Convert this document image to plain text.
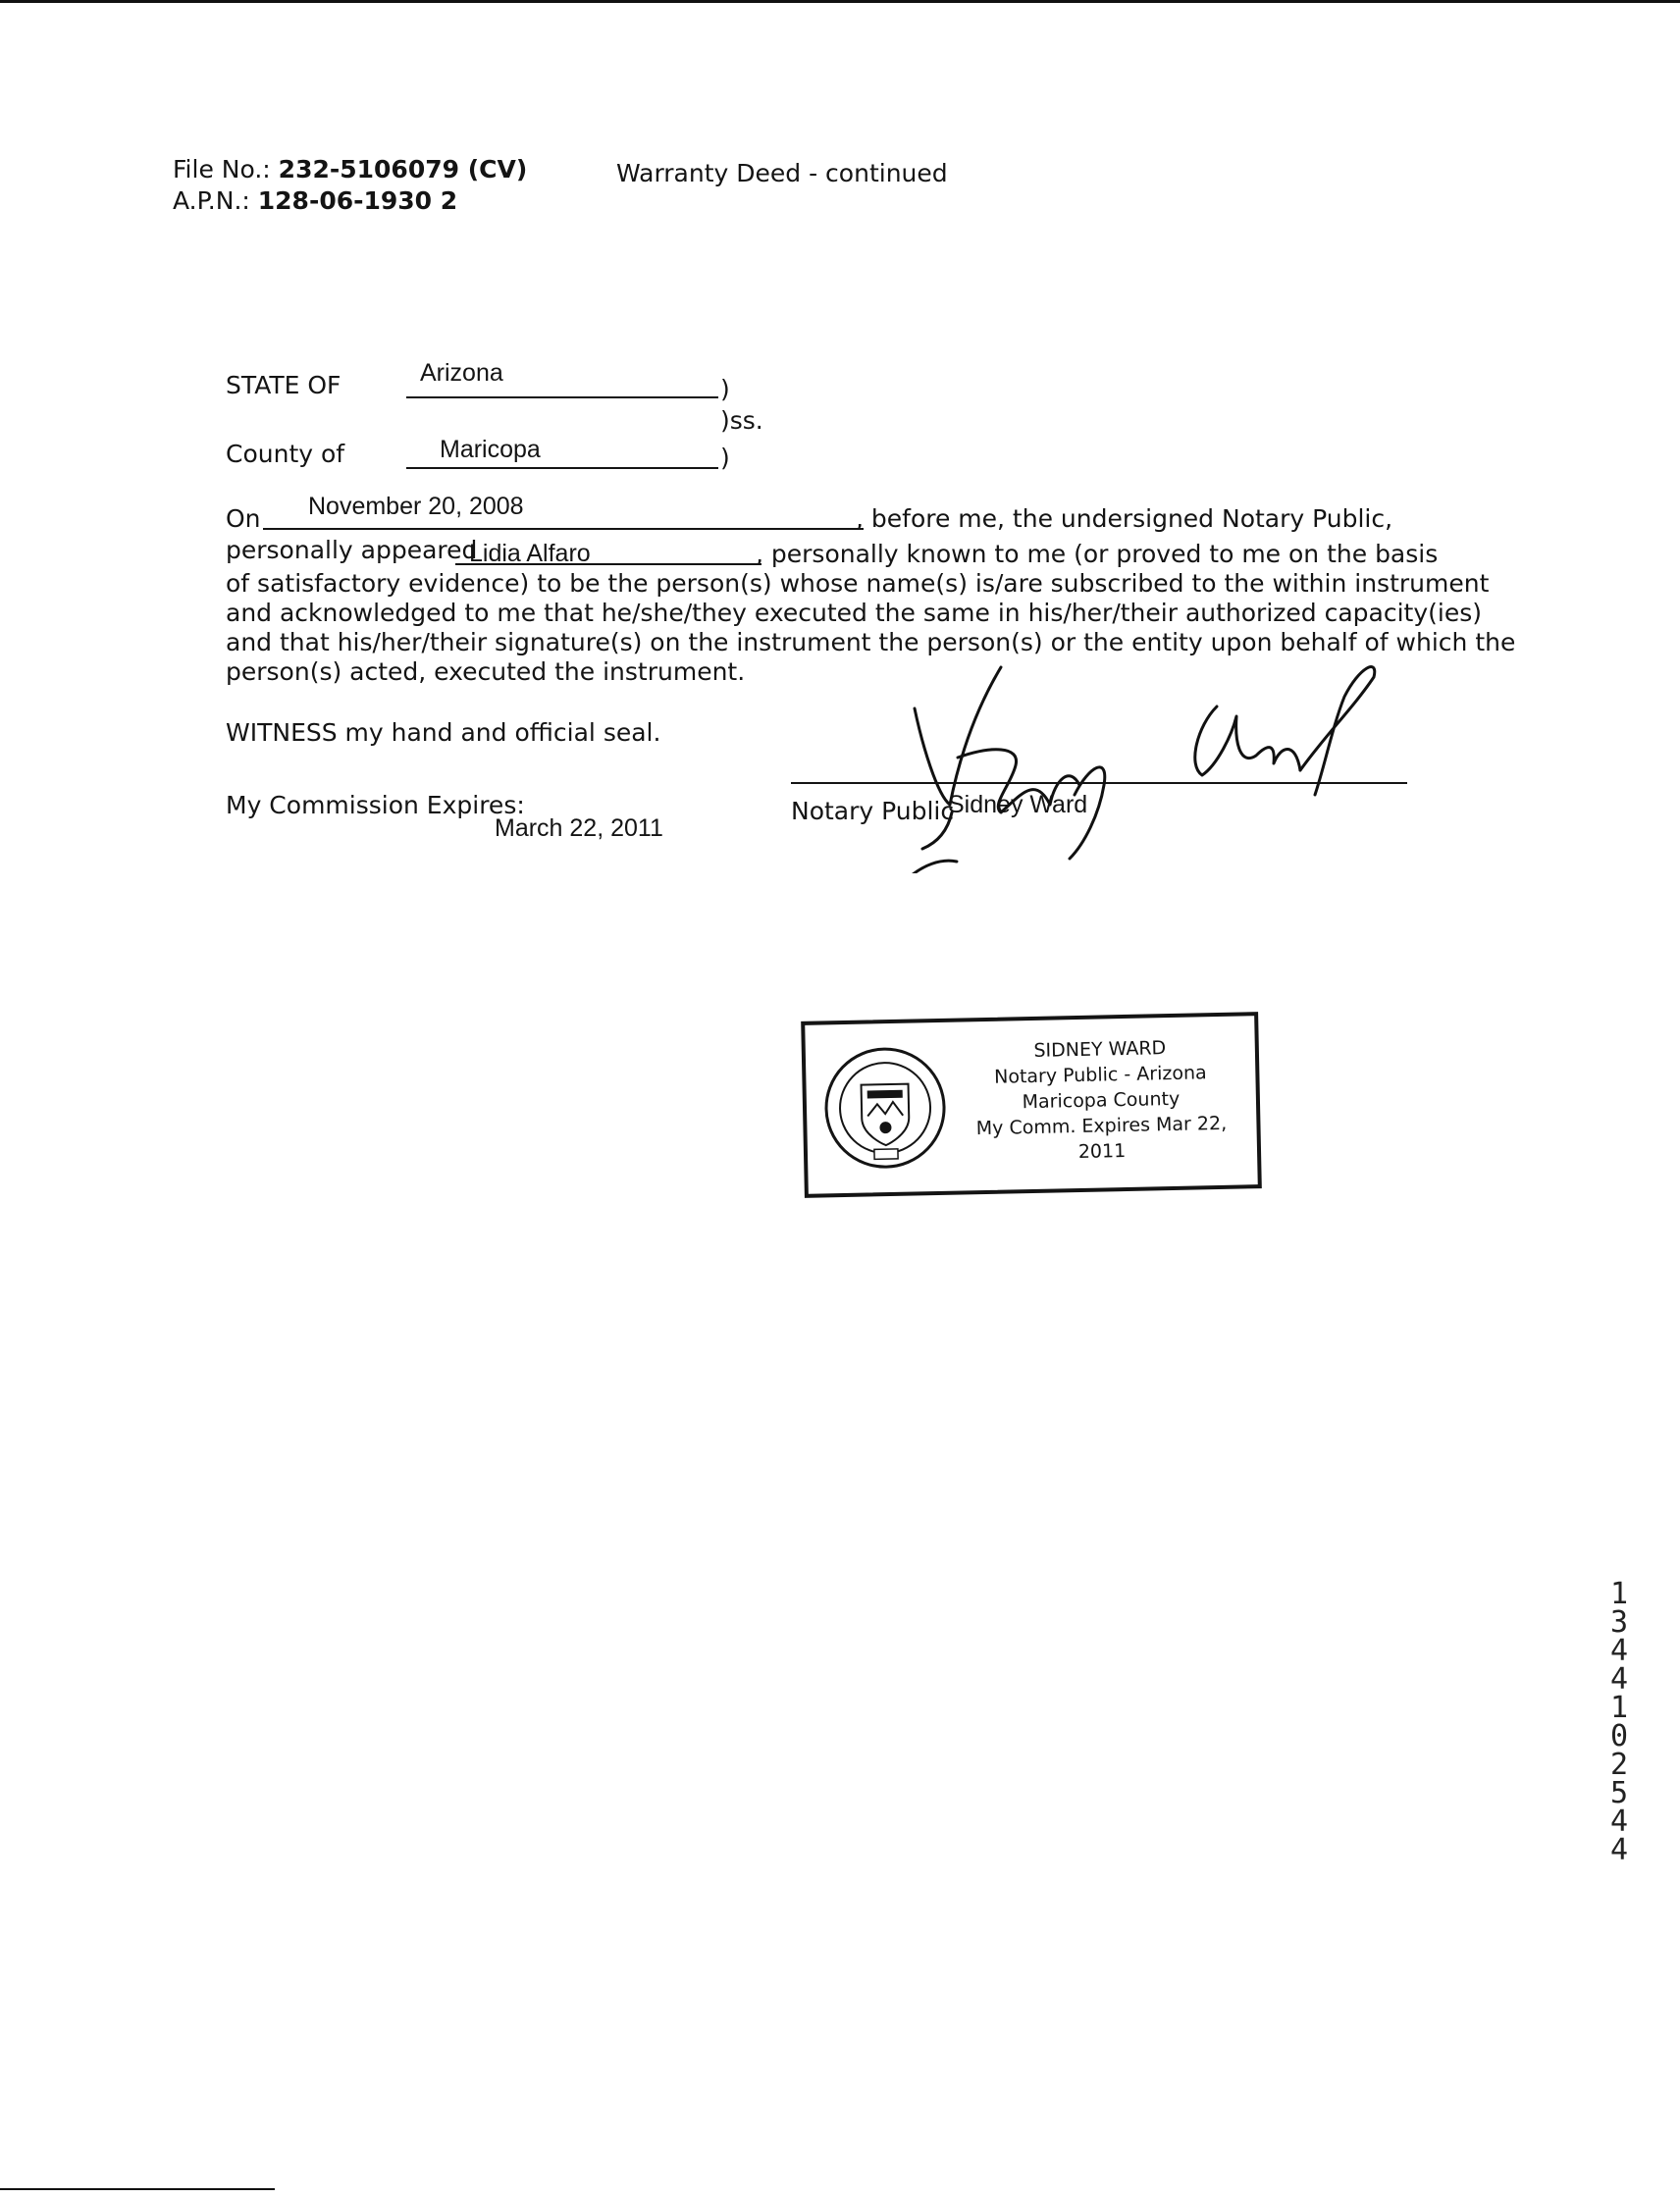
File No.: 232-5106079 (CV)
A.P.N.: 128-06-1930 2
Warranty Deed - continued
STATE OF	Arizona
)
)ss.
County of	Maricopa	)
On November 20, 2008	, before me, the undersigned Notary Public,
personally appeared
Lidia Alfaro	, personally known to me (or proved to me on the basis
of satisfactory evidence) to be the person(s) whose name(s) is/are subscribed to the within instrument
and acknowledged to me that he/she/they executed the same in his/her/their authorized capacity(ies)
and that his/her/their signature(s) on the instrument the person(s) or the entity upon behalf of which the
person(s) acted, executed the instrument.
WITNESS my hand and official seal.
My Commission Expires:
March 22, 2011
Notary Public
Sidney Ward
SIDNEY WARD
Notary Public - Arizona
Maricopa County
My Comm. Expires Mar 22, 2011
1
3
4
4
1
0
2
5
4
4
